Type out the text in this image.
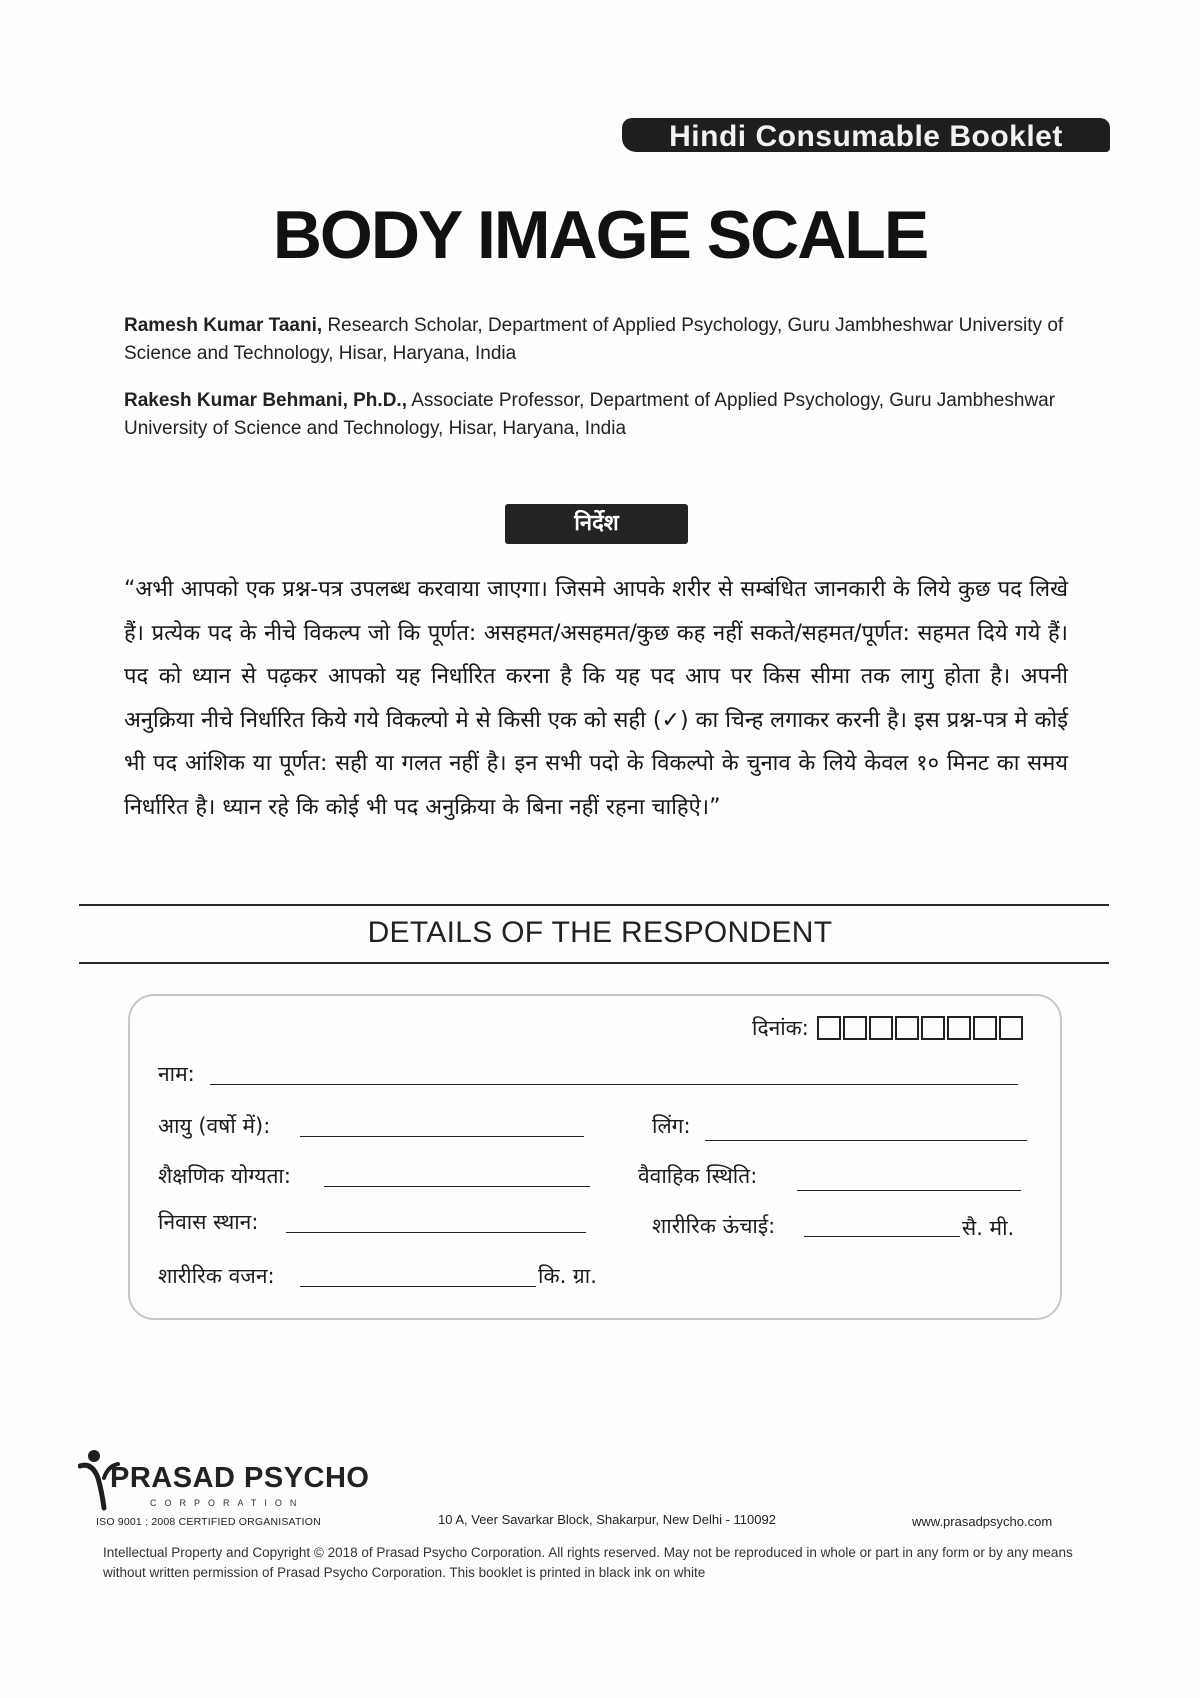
Hindi Consumable Booklet
BODY IMAGE SCALE
Ramesh Kumar Taani, Research Scholar, Department of Applied Psychology, Guru Jambheshwar University of Science and Technology, Hisar, Haryana, India
Rakesh Kumar Behmani, Ph.D., Associate Professor, Department of Applied Psychology, Guru Jambheshwar University of Science and Technology, Hisar, Haryana, India
निर्देश
“अभी आपको एक प्रश्न-पत्र उपलब्ध करवाया जाएगा। जिसमे आपके शरीर से सम्बंधित जानकारी के लिये कुछ पद लिखे हैं। प्रत्येक पद के नीचे विकल्प जो कि पूर्णत: असहमत/असहमत/कुछ कह नहीं सकते/सहमत/पूर्णत: सहमत दिये गये हैं। पद को ध्यान से पढ़कर आपको यह निर्धारित करना है कि यह पद आप पर किस सीमा तक लागु होता है। अपनी अनुक्रिया नीचे निर्धारित किये गये विकल्पो मे से किसी एक को सही (✓) का चिन्ह लगाकर करनी है। इस प्रश्न-पत्र मे कोई भी पद आंशिक या पूर्णत: सही या गलत नहीं है। इन सभी पदो के विकल्पो के चुनाव के लिये केवल १० मिनट का समय निर्धारित है। ध्यान रहे कि कोई भी पद अनुक्रिया के बिना नहीं रहना चाहिऐ।”
DETAILS OF THE RESPONDENT
दिनांक:
नाम:
आयु (वर्षो में):	लिंग:
शैक्षणिक योग्यता:	वैवाहिक स्थिति:
निवास स्थान:	शारीरिक ऊंचाई:	सै. मी.
शारीरिक वजन:	कि. ग्रा.
PRASAD PSYCHO
CORPORATION
ISO 9001 : 2008 CERTIFIED ORGANISATION	10 A, Veer Savarkar Block, Shakarpur, New Delhi - 110092	www.prasadpsycho.com
Intellectual Property and Copyright © 2018 of Prasad Psycho Corporation. All rights reserved. May not be reproduced in whole or part in any form or by any means without written permission of Prasad Psycho Corporation. This booklet is printed in black ink on white
